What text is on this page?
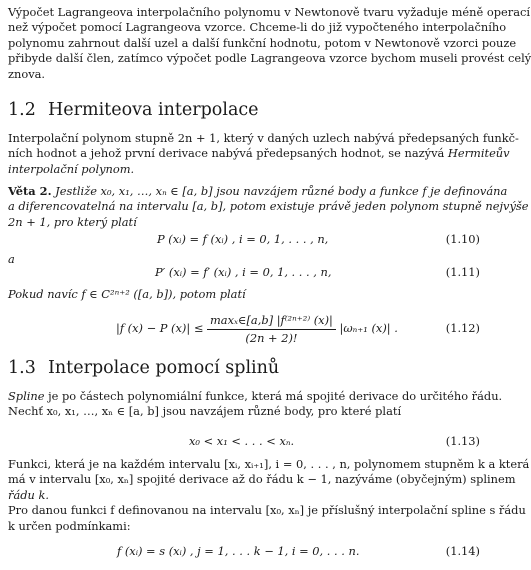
Výpočet Lagrangeova interpolačního polynomu v Newtonově tvaru vyžaduje méně operací
než výpočet pomocí Lagrangeova vzorce. Chceme-li do již vypočteného interpolačního
polynomu zahrnout další uzel a další funkční hodnotu, potom v Newtonově vzorci pouze
přibyde další člen, zatímco výpočet podle Lagrangeova vzorce bychom museli provést celý
znova.
1.2 Hermiteova interpolace
Interpolační polynom stupně 2n + 1, který v daných uzlech nabývá předepsaných funkč-
ních hodnot a jehož první derivace nabývá předepsaných hodnot, se nazývá Hermiteův
interpolační polynom.
Věta 2. Jestliže x₀, x₁, …, xₙ ∈ [a, b] jsou navzájem různé body a funkce f je definována
a diferencovatelná na intervalu [a, b], potom existuje právě jeden polynom stupně nejvýše
2n + 1, pro který platí
P (xᵢ) = f (xᵢ) , i = 0, 1, . . . , n,	(1.10)
a
P′ (xᵢ) = f′ (xᵢ) , i = 0, 1, . . . , n,	(1.11)
Pokud navíc f ∈ C²ⁿ⁺² ([a, b]), potom platí
|f (x) − P $(x)| \le \frac{\text{maxₓ∈[a,b] |f⁽²ⁿ⁺²⁾ (x)|}}{(2n + 2)!} |\omega_{n+1}$ (x)| .	(1.12)
1.3 Interpolace pomocí splinů
Spline je po částech polynomiální funkce, která má spojité derivace do určitého řádu.
Nechť x₀, x₁, …, xₙ ∈ [a, b] jsou navzájem různé body, pro které platí
x₀ < x₁ < . . . < xₙ.	(1.13)
Funkci, která je na každém intervalu [xᵢ, xᵢ₊₁], i = 0, . . . , n, polynomem stupněm k a která
má v intervalu [x₀, xₙ] spojité derivace až do řádu k − 1, nazýváme (obyčejným) splinem
řádu k.
Pro danou funkci f definovanou na intervalu [x₀, xₙ] je příslušný interpolační spline s řádu
k určen podmínkami:
f (xᵢ) = s (xᵢ) , j = 1, . . . k − 1, i = 0, . . . n.	(1.14)
